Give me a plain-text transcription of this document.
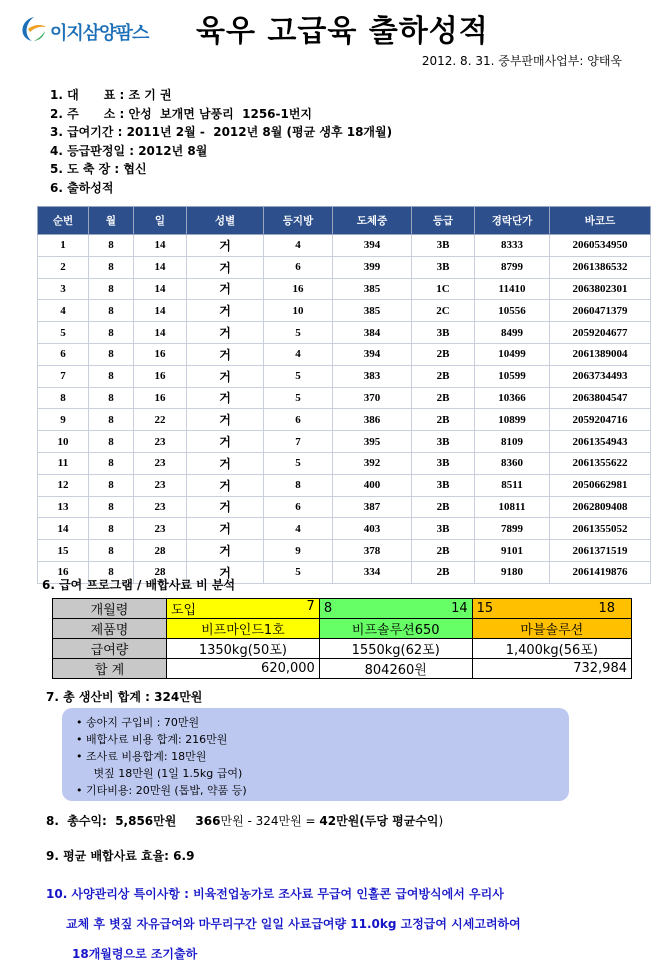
이지삼양팜스 육우 고급육 출하성적
2012. 8. 31. 중부판매사업부: 양태욱
1. 대      표 : 조 기 권
2. 주      소 : 안성  보개면 남풍리  1256-1번지
3. 급여기간 : 2011년 2월 -  2012년 8월 (평균 생후 18개월)
4. 등급판정일 : 2012년 8월
5. 도 축 장 : 협신
6. 출하성적
순번	월	일	성별	등지방	도체중	등급	경락단가	바코드
1	8	14	거	4	394	3B	8333	2060534950
2	8	14	거	6	399	3B	8799	2061386532
3	8	14	거	16	385	1C	11410	2063802301
4	8	14	거	10	385	2C	10556	2060471379
5	8	14	거	5	384	3B	8499	2059204677
6	8	16	거	4	394	2B	10499	2061389004
7	8	16	거	5	383	2B	10599	2063734493
8	8	16	거	5	370	2B	10366	2063804547
9	8	22	거	6	386	2B	10899	2059204716
10	8	23	거	7	395	3B	8109	2061354943
11	8	23	거	5	392	3B	8360	2061355622
12	8	23	거	8	400	3B	8511	2050662981
13	8	23	거	6	387	2B	10811	2062809408
14	8	23	거	4	403	3B	7899	2061355052
15	8	28	거	9	378	2B	9101	2061371519
16	8	28	거	5	334	2B	9180	2061419876
6. 급여 프로그램 / 배합사료 비 분석
개월령	도입 7	8 14	15 18

제품명	비프마인드1호	비프솔루션650	마블솔루션
급여량	1350kg(50포)	1550kg(62포)	1,400kg(56포)
합 계	620,000	804260원	732,984
7. 총 생산비 합계 : 324만원
• 송아지 구입비 : 70만원
• 배합사료 비용 합계: 216만원
• 조사료 비용합계: 18만원
볏짚 18만원 (1일 1.5kg 급여)
• 기타비용: 20만원 (톱밥, 약품 등)
8.  총수익:  5,856만원 366만원 - 324만원 = 42만원(두당 평균수익)
9. 평균 배합사료 효율: 6.9
10. 사양관리상 특이사항 : 비육전업농가로 조사료 무급여 인홀콘 급여방식에서 우리사
교체 후 볏짚 자유급여와 마무리구간 일일 사료급여량 11.0kg 고정급여 시세고려하여
18개월령으로 조기출하
